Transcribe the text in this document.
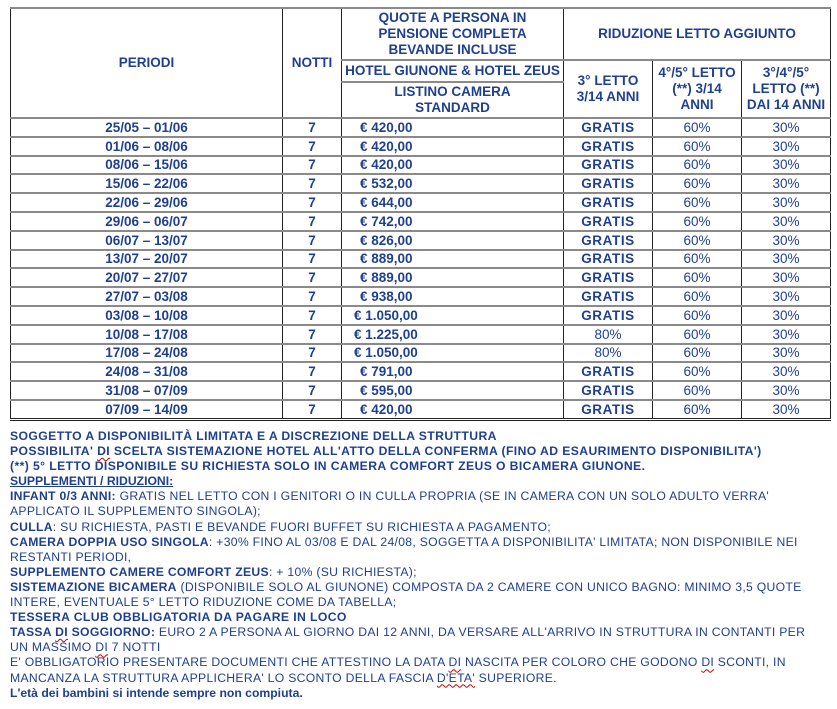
PERIODI	NOTTI	QUOTE A PERSONA IN PENSIONE COMPLETA BEVANDE INCLUSE	RIDUZIONE LETTO AGGIUNTO		
		HOTEL GIUNONE & HOTEL ZEUS	3° LETTO 3/14 ANNI	4°/5° LETTO (**) 3/14 ANNI	3°/4°/5° LETTO (**) DAI 14 ANNI
		LISTINO CAMERA STANDARD			
25/05 – 01/06	7	€ 420,00	GRATIS	60%	30%
01/06 – 08/06	7	€ 420,00	GRATIS	60%	30%
08/06 – 15/06	7	€ 420,00	GRATIS	60%	30%
15/06 – 22/06	7	€ 532,00	GRATIS	60%	30%
22/06 – 29/06	7	€ 644,00	GRATIS	60%	30%
29/06 – 06/07	7	€ 742,00	GRATIS	60%	30%
06/07 – 13/07	7	€ 826,00	GRATIS	60%	30%
13/07 – 20/07	7	€ 889,00	GRATIS	60%	30%
20/07 – 27/07	7	€ 889,00	GRATIS	60%	30%
27/07 – 03/08	7	€ 938,00	GRATIS	60%	30%
03/08 – 10/08	7	€ 1.050,00	GRATIS	60%	30%
10/08 – 17/08	7	€ 1.225,00	80%	60%	30%
17/08 – 24/08	7	€ 1.050,00	80%	60%	30%
24/08 – 31/08	7	€ 791,00	GRATIS	60%	30%
31/08 – 07/09	7	€ 595,00	GRATIS	60%	30%
07/09 – 14/09	7	€ 420,00	GRATIS	60%	30%

SOGGETTO A DISPONIBILITÀ LIMITATA E A DISCREZIONE DELLA STRUTTURA

POSSIBILITA' DI SCELTA SISTEMAZIONE HOTEL ALL'ATTO DELLA CONFERMA (FINO AD ESAURIMENTO DISPONIBILITA')

(**) 5° LETTO DISPONIBILE SU RICHIESTA SOLO IN CAMERA COMFORT ZEUS O BICAMERA GIUNONE.

SUPPLEMENTI / RIDUZIONI:

INFANT 0/3 ANNI: GRATIS NEL LETTO CON I GENITORI O IN CULLA PROPRIA (SE IN CAMERA CON UN SOLO ADULTO VERRA' APPLICATO IL SUPPLEMENTO SINGOLA);

CULLA: SU RICHIESTA, PASTI E BEVANDE FUORI BUFFET SU RICHIESTA A PAGAMENTO;

CAMERA DOPPIA USO SINGOLA: +30% FINO AL 03/08 E DAL 24/08, SOGGETTA A DISPONIBILITA' LIMITATA; NON DISPONIBILE NEI RESTANTI PERIODI,

SUPPLEMENTO CAMERE COMFORT ZEUS: + 10% (SU RICHIESTA);

SISTEMAZIONE BICAMERA (DISPONIBILE SOLO AL GIUNONE) COMPOSTA DA 2 CAMERE CON UNICO BAGNO: MINIMO 3,5 QUOTE INTERE, EVENTUALE 5° LETTO RIDUZIONE COME DA TABELLA;

TESSERA CLUB OBBLIGATORIA DA PAGARE IN LOCO

TASSA DI SOGGIORNO: EURO 2 A PERSONA AL GIORNO DAI 12 ANNI, DA VERSARE ALL'ARRIVO IN STRUTTURA IN CONTANTI PER UN MASSIMO DI 7 NOTTI

E' OBBLIGATORIO PRESENTARE DOCUMENTI CHE ATTESTINO LA DATA DI NASCITA PER COLORO CHE GODONO DI SCONTI, IN MANCANZA LA STRUTTURA APPLICHERA' LO SCONTO DELLA FASCIA D'ETA' SUPERIORE.

L'età dei bambini si intende sempre non compiuta.
